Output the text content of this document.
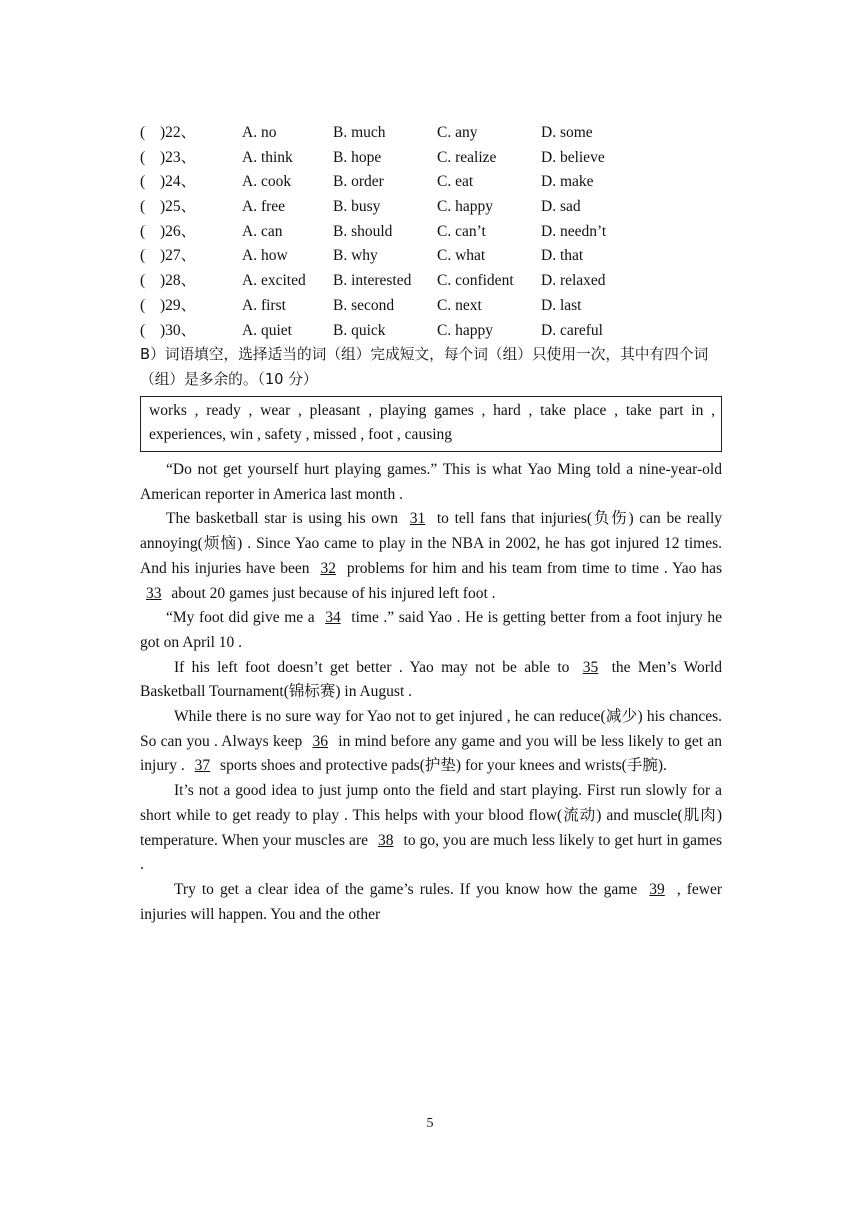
( )22、	A. no	B. much	C. any	D. some
( )23、	A. think	B. hope	C. realize	D. believe
( )24、	A. cook	B. order	C. eat	D. make
( )25、	A. free	B. busy	C. happy	D. sad
( )26、	A. can	B. should	C. can’t	D. needn’t
( )27、	A. how	B. why	C. what	D. that
( )28、	A. excited	B. interested	C. confident	D. relaxed
( )29、	A. first	B. second	C. next	D. last
( )30、	A. quiet	B. quick	C. happy	D. careful
B）词语填空，选择适当的词（组）完成短文，每个词（组）只使用一次，其中有四个词（组）是多余的。（10 分）
works , ready , wear , pleasant , playing games , hard , take place , take part in , experiences, win , safety , missed , foot , causing

“Do not get yourself hurt playing games.” This is what Yao Ming told a nine-year-old American reporter in America last month .

The basketball star is using his own 31 to tell fans that injuries(负伤) can be really annoying(烦恼) . Since Yao came to play in the NBA in 2002, he has got injured 12 times. And his injuries have been 32 problems for him and his team from time to time . Yao has 33 about 20 games just because of his injured left foot .

“My foot did give me a 34 time .” said Yao . He is getting better from a foot injury he got on April 10 .

If his left foot doesn’t get better . Yao may not be able to 35 the Men’s World Basketball Tournament(锦标赛) in August .

While there is no sure way for Yao not to get injured , he can reduce(减少) his chances. So can you . Always keep 36 in mind before any game and you will be less likely to get an injury . 37 sports shoes and protective pads(护垫) for your knees and wrists(手腕).

It’s not a good idea to just jump onto the field and start playing. First run slowly for a short while to get ready to play . This helps with your blood flow(流动) and muscle(肌肉) temperature. When your muscles are 38 to go, you are much less likely to get hurt in games .

Try to get a clear idea of the game’s rules. If you know how the game 39 , fewer injuries will happen. You and the other

5
